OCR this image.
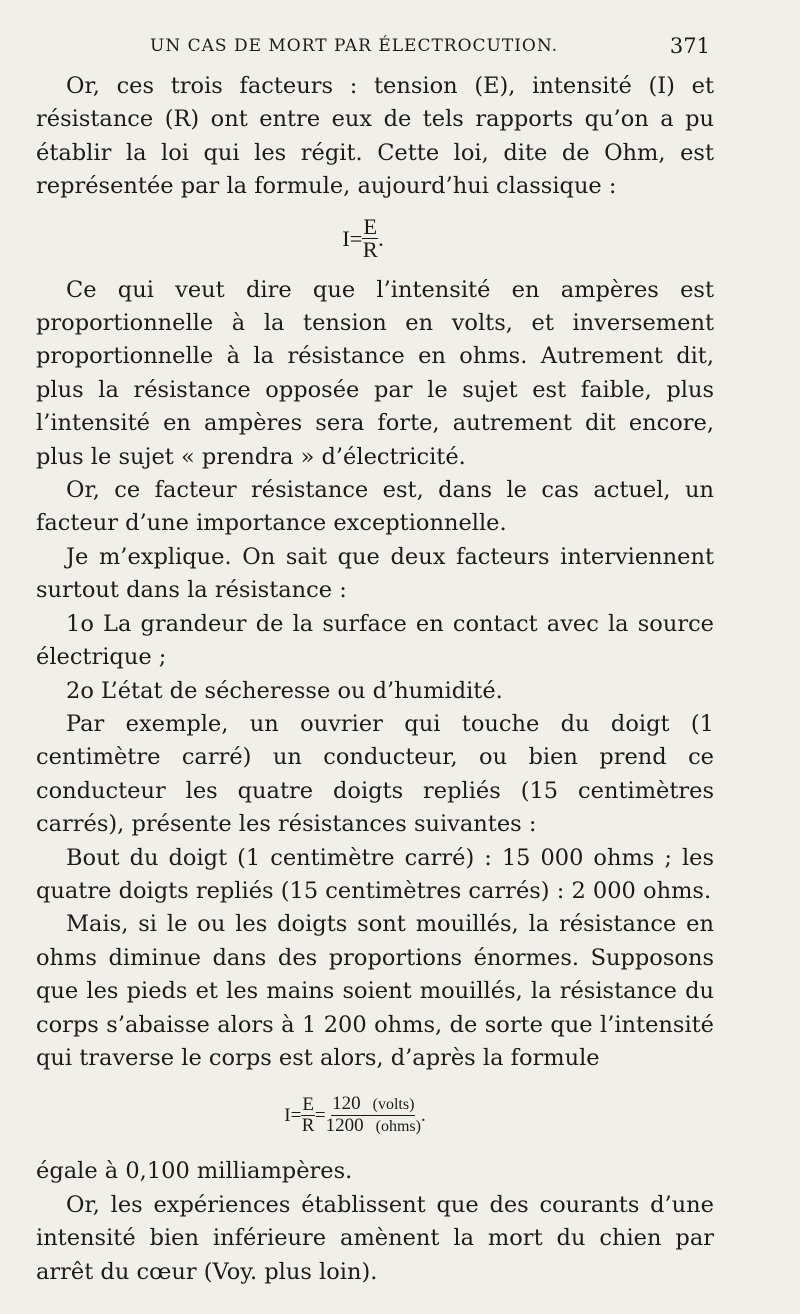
UN CAS DE MORT PAR ÉLECTROCUTION.	371

Or, ces trois facteurs : tension (E), intensité (I) et résistance (R) ont entre eux de tels rapports qu’on a pu établir la loi qui les régit. Cette loi, dite de Ohm, est représentée par la formule, aujourd’hui classique :

$I = \frac{E}{R}$ .

Ce qui veut dire que l’intensité en ampères est proportionnelle à la tension en volts, et inversement proportionnelle à la résistance en ohms. Autrement dit, plus la résistance opposée par le sujet est faible, plus l’intensité en ampères sera forte, autrement dit encore, plus le sujet « prendra » d’électricité.

Or, ce facteur résistance est, dans le cas actuel, un facteur d’une importance exceptionnelle.

Je m’explique. On sait que deux facteurs interviennent surtout dans la résistance :

1o La grandeur de la surface en contact avec la source électrique ;

2o L’état de sécheresse ou d’humidité.

Par exemple, un ouvrier qui touche du doigt (1 centimètre carré) un conducteur, ou bien prend ce conducteur les quatre doigts repliés (15 centimètres carrés), présente les résistances suivantes :

Bout du doigt (1 centimètre carré) : 15 000 ohms ; les quatre doigts repliés (15 centimètres carrés) : 2 000 ohms.

Mais, si le ou les doigts sont mouillés, la résistance en ohms diminue dans des proportions énormes. Supposons que les pieds et les mains soient mouillés, la résistance du corps s’abaisse alors à 1 200 ohms, de sorte que l’intensité qui traverse le corps est alors, d’après la formule

$I = \frac{E}{R} = \frac{\text{120 (volts)}}{\text{1200 (ohms)}}$ .

égale à 0,100 milliampères.

Or, les expériences établissent que des courants d’une intensité bien inférieure amènent la mort du chien par arrêt du cœur (Voy. plus loin).
